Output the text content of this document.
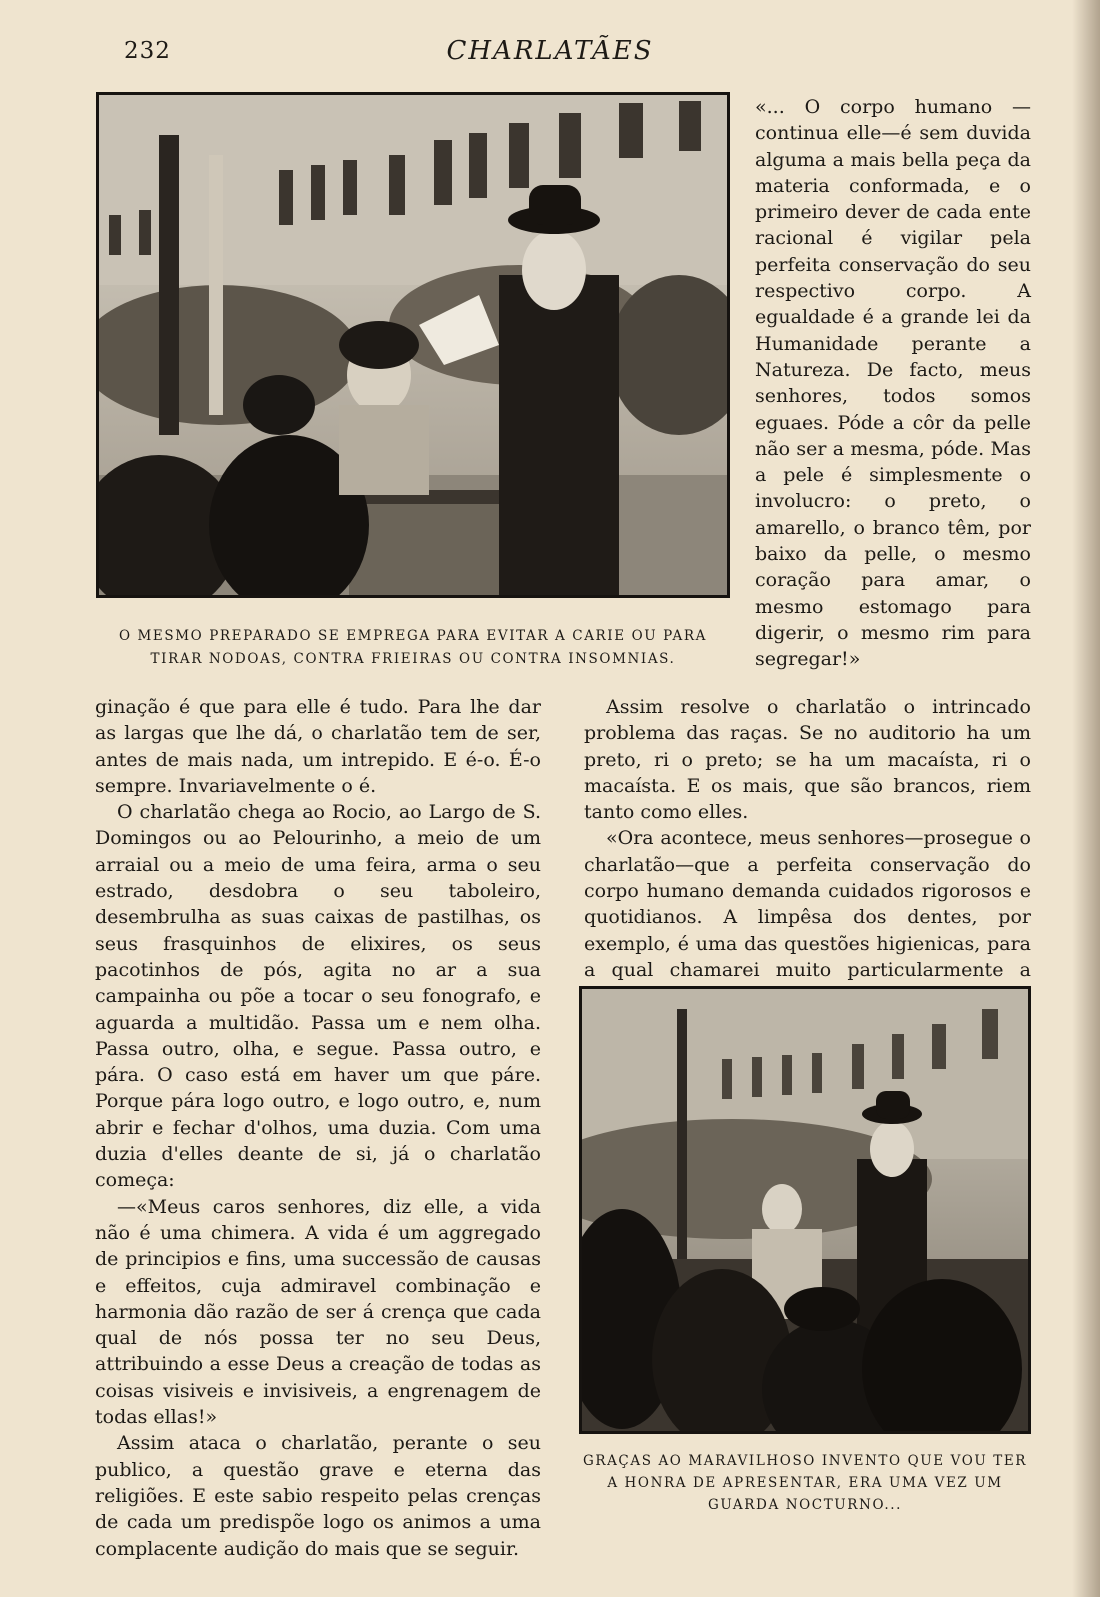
232	CHARLATÃES
O MESMO PREPARADO SE EMPREGA PARA EVITAR A CARIE OU PARA TIRAR NODOAS, CONTRA FRIEIRAS OU CONTRA INSOMNIAS.

«... O corpo humano — continua elle—é sem duvida alguma a mais bella peça da materia conformada, e o primeiro dever de cada ente racional é vigilar pela perfeita conservação do seu respectivo corpo. A egualdade é a grande lei da Humanidade perante a Natureza. De facto, meus senhores, todos somos eguaes. Póde a côr da pelle não ser a mesma, póde. Mas a pele é simplesmente o involucro: o preto, o amarello, o branco têm, por baixo da pelle, o mesmo coração para amar, o mesmo estomago para digerir, o mesmo rim para segregar!»

Assim resolve o charlatão o intrincado problema das raças. Se no auditorio ha um preto, ri o preto; se ha um macaísta, ri o macaísta. E os mais, que são brancos, riem tanto como elles.

«Ora acontece, meus senhores—prosegue o charlatão—que a perfeita conservação do corpo humano demanda cuidados rigorosos e quotidianos. A limpêsa dos dentes, por exemplo, é uma das questões higienicas, para a qual chamarei muito particularmente a

ginação é que para elle é tudo. Para lhe dar as largas que lhe dá, o charlatão tem de ser, antes de mais nada, um intrepido. E é-o. É-o sempre. Invariavelmente o é.

O charlatão chega ao Rocio, ao Largo de S. Domingos ou ao Pelourinho, a meio de um arraial ou a meio de uma feira, arma o seu estrado, desdobra o seu taboleiro, desembrulha as suas caixas de pastilhas, os seus frasquinhos de elixires, os seus pacotinhos de pós, agita no ar a sua campainha ou põe a tocar o seu fonografo, e aguarda a multidão. Passa um e nem olha. Passa outro, olha, e segue. Passa outro, e pára. O caso está em haver um que páre. Porque pára logo outro, e logo outro, e, num abrir e fechar d'olhos, uma duzia. Com uma duzia d'elles deante de si, já o charlatão começa:

—«Meus caros senhores, diz elle, a vida não é uma chimera. A vida é um aggregado de principios e fins, uma successão de causas e effeitos, cuja admiravel combinação e harmonia dão razão de ser á crença que cada qual de nós possa ter no seu Deus, attribuindo a esse Deus a creação de todas as coisas visiveis e invisiveis, a engrenagem de todas ellas!»

Assim ataca o charlatão, perante o seu publico, a questão grave e eterna das religiões. E este sabio respeito pelas crenças de cada um predispõe logo os animos a uma complacente audição do mais que se seguir.

GRAÇAS AO MARAVILHOSO INVENTO QUE VOU TER A HONRA DE APRESENTAR, ERA UMA VEZ UM GUARDA NOCTURNO...
